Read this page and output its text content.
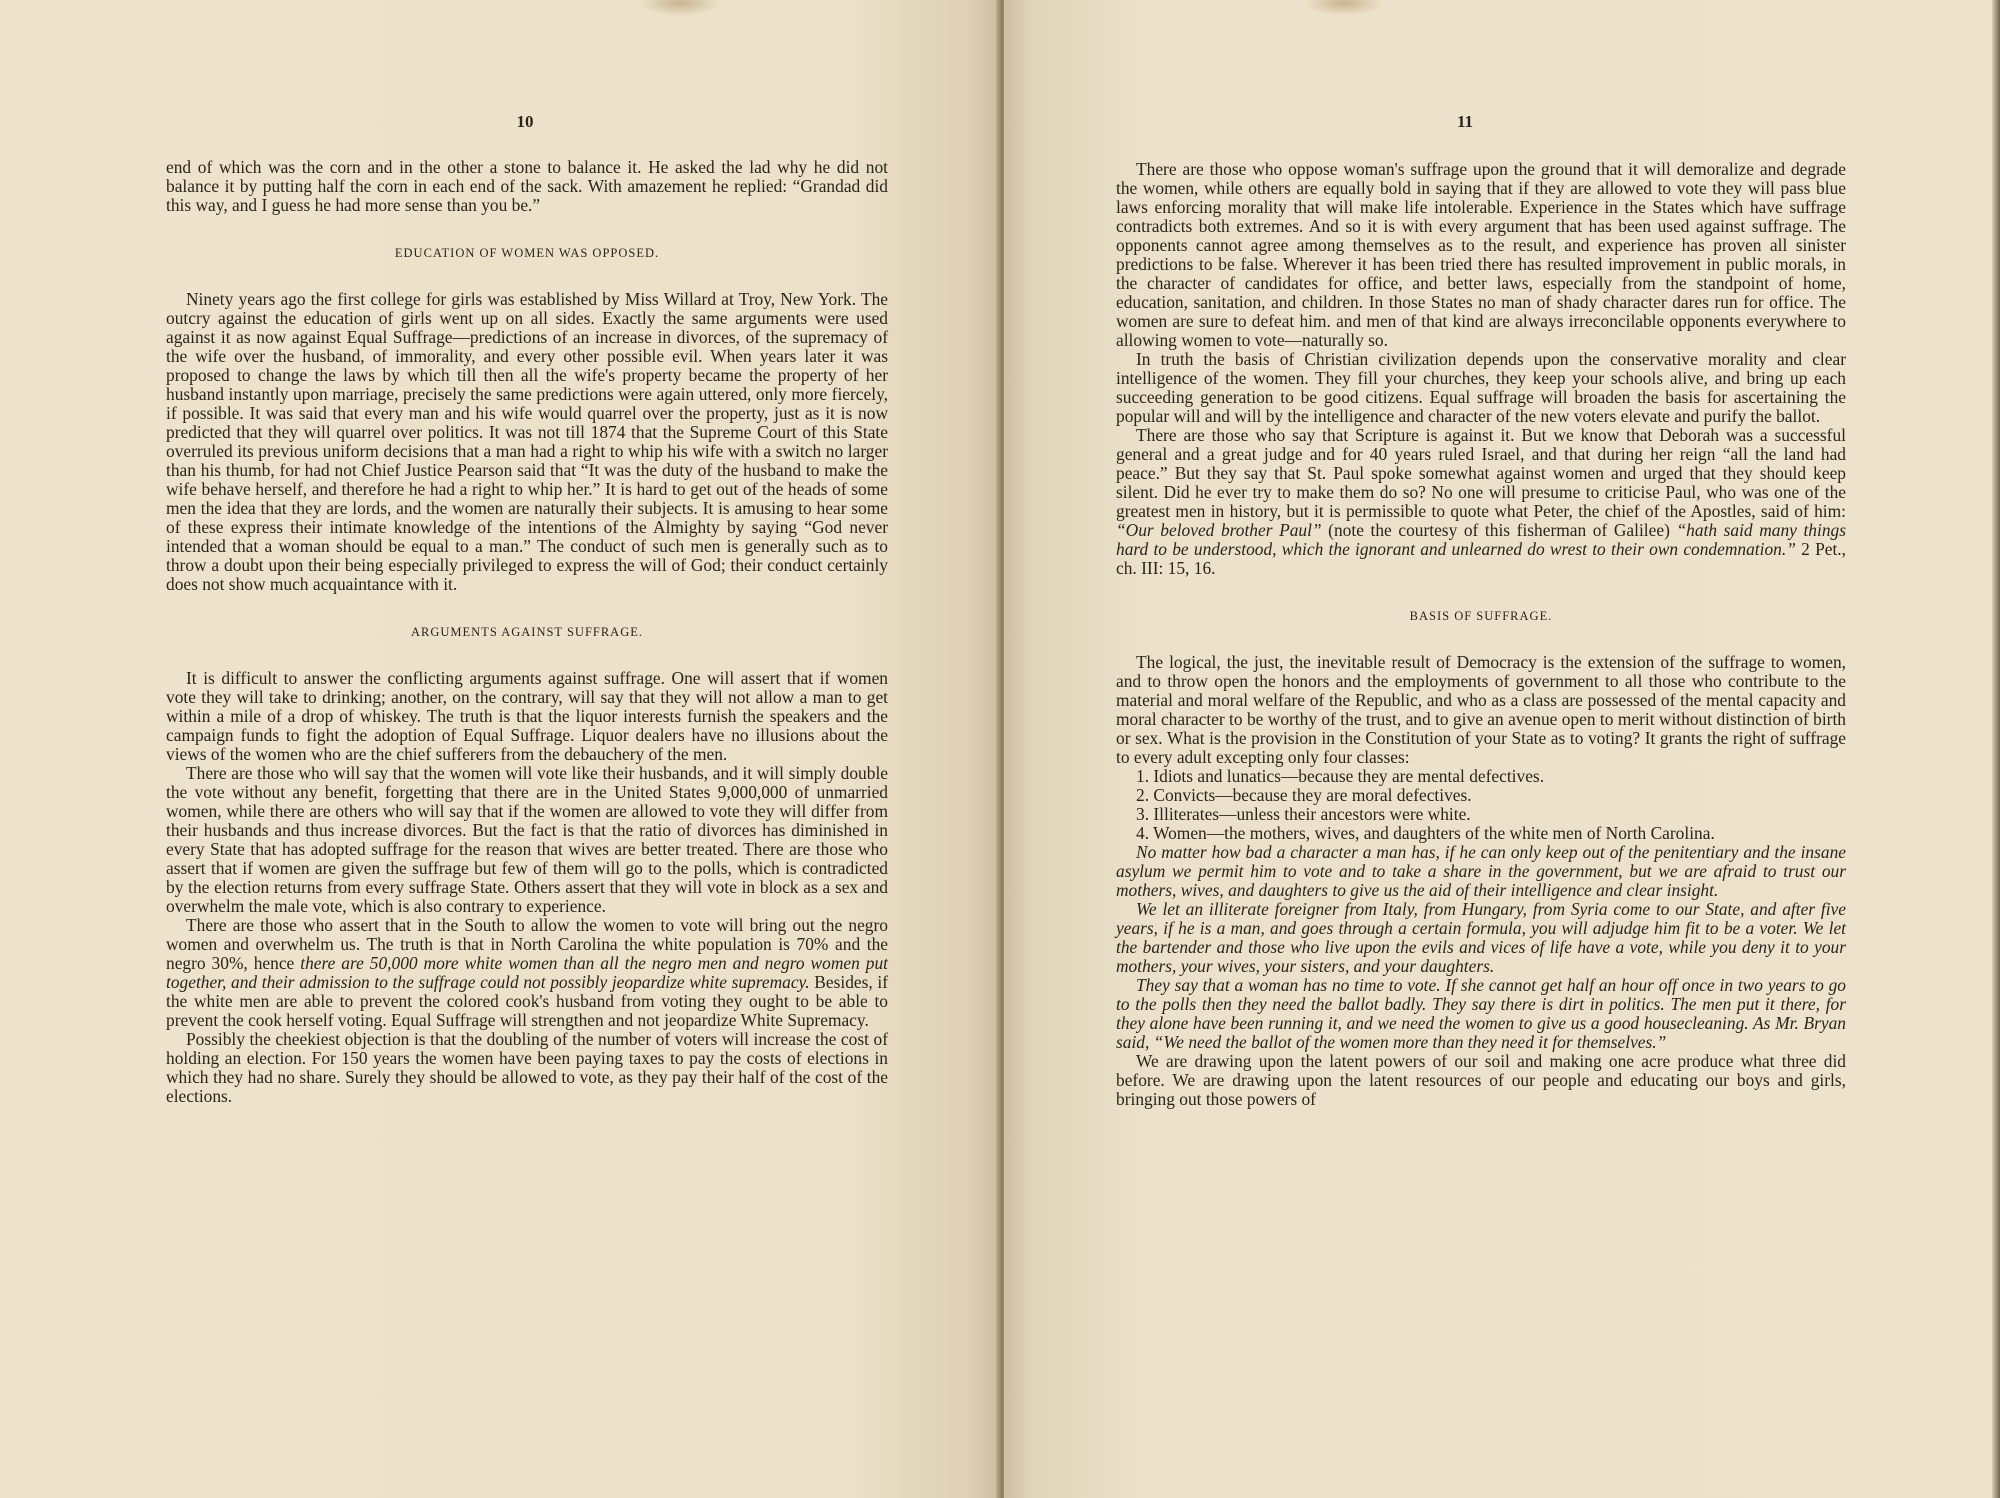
10

end of which was the corn and in the other a stone to balance it. He asked the lad why he did not balance it by putting half the corn in each end of the sack. With amazement he replied: “Grandad did this way, and I guess he had more sense than you be.”

EDUCATION OF WOMEN WAS OPPOSED.

Ninety years ago the first college for girls was established by Miss Willard at Troy, New York. The outcry against the education of girls went up on all sides. Exactly the same arguments were used against it as now against Equal Suffrage—predictions of an increase in divorces, of the supremacy of the wife over the husband, of immorality, and every other possible evil. When years later it was proposed to change the laws by which till then all the wife's property became the property of her husband instantly upon marriage, precisely the same predictions were again uttered, only more fiercely, if possible. It was said that every man and his wife would quarrel over the property, just as it is now predicted that they will quarrel over politics. It was not till 1874 that the Supreme Court of this State overruled its previous uniform decisions that a man had a right to whip his wife with a switch no larger than his thumb, for had not Chief Justice Pearson said that “It was the duty of the husband to make the wife behave herself, and therefore he had a right to whip her.” It is hard to get out of the heads of some men the idea that they are lords, and the women are naturally their subjects. It is amusing to hear some of these express their intimate knowledge of the intentions of the Almighty by saying “God never intended that a woman should be equal to a man.” The conduct of such men is generally such as to throw a doubt upon their being especially privileged to express the will of God; their conduct certainly does not show much acquaintance with it.

ARGUMENTS AGAINST SUFFRAGE.

It is difficult to answer the conflicting arguments against suffrage. One will assert that if women vote they will take to drinking; another, on the contrary, will say that they will not allow a man to get within a mile of a drop of whiskey. The truth is that the liquor interests furnish the speakers and the campaign funds to fight the adoption of Equal Suffrage. Liquor dealers have no illusions about the views of the women who are the chief sufferers from the debauchery of the men.

There are those who will say that the women will vote like their husbands, and it will simply double the vote without any benefit, forgetting that there are in the United States 9,000,000 of unmarried women, while there are others who will say that if the women are allowed to vote they will differ from their husbands and thus increase divorces. But the fact is that the ratio of divorces has diminished in every State that has adopted suffrage for the reason that wives are better treated. There are those who assert that if women are given the suffrage but few of them will go to the polls, which is contradicted by the election returns from every suffrage State. Others assert that they will vote in block as a sex and overwhelm the male vote, which is also contrary to experience.

There are those who assert that in the South to allow the women to vote will bring out the negro women and overwhelm us. The truth is that in North Carolina the white population is 70% and the negro 30%, hence there are 50,000 more white women than all the negro men and negro women put together, and their admission to the suffrage could not possibly jeopardize white supremacy. Besides, if the white men are able to prevent the colored cook's husband from voting they ought to be able to prevent the cook herself voting. Equal Suffrage will strengthen and not jeopardize White Supremacy.

Possibly the cheekiest objection is that the doubling of the number of voters will increase the cost of holding an election. For 150 years the women have been paying taxes to pay the costs of elections in which they had no share. Surely they should be allowed to vote, as they pay their half of the cost of the elections.

11

There are those who oppose woman's suffrage upon the ground that it will demoralize and degrade the women, while others are equally bold in saying that if they are allowed to vote they will pass blue laws enforcing morality that will make life intolerable. Experience in the States which have suffrage contradicts both extremes. And so it is with every argument that has been used against suffrage. The opponents cannot agree among themselves as to the result, and experience has proven all sinister predictions to be false. Wherever it has been tried there has resulted improvement in public morals, in the character of candidates for office, and better laws, especially from the standpoint of home, education, sanitation, and children. In those States no man of shady character dares run for office. The women are sure to defeat him. and men of that kind are always irreconcilable opponents everywhere to allowing women to vote—naturally so.

In truth the basis of Christian civilization depends upon the conservative morality and clear intelligence of the women. They fill your churches, they keep your schools alive, and bring up each succeeding generation to be good citizens. Equal suffrage will broaden the basis for ascertaining the popular will and will by the intelligence and character of the new voters elevate and purify the ballot.

There are those who say that Scripture is against it. But we know that Deborah was a successful general and a great judge and for 40 years ruled Israel, and that during her reign “all the land had peace.” But they say that St. Paul spoke somewhat against women and urged that they should keep silent. Did he ever try to make them do so? No one will presume to criticise Paul, who was one of the greatest men in history, but it is permissible to quote what Peter, the chief of the Apostles, said of him: “Our beloved brother Paul” (note the courtesy of this fisherman of Galilee) “hath said many things hard to be understood, which the ignorant and unlearned do wrest to their own condemnation.” 2 Pet., ch. III: 15, 16.

BASIS OF SUFFRAGE.

The logical, the just, the inevitable result of Democracy is the extension of the suffrage to women, and to throw open the honors and the employments of government to all those who contribute to the material and moral welfare of the Republic, and who as a class are possessed of the mental capacity and moral character to be worthy of the trust, and to give an avenue open to merit without distinction of birth or sex. What is the provision in the Constitution of your State as to voting? It grants the right of suffrage to every adult excepting only four classes:

1. Idiots and lunatics—because they are mental defectives.

2. Convicts—because they are moral defectives.

3. Illiterates—unless their ancestors were white.

4. Women—the mothers, wives, and daughters of the white men of North Carolina.

No matter how bad a character a man has, if he can only keep out of the penitentiary and the insane asylum we permit him to vote and to take a share in the government, but we are afraid to trust our mothers, wives, and daughters to give us the aid of their intelligence and clear insight.

We let an illiterate foreigner from Italy, from Hungary, from Syria come to our State, and after five years, if he is a man, and goes through a certain formula, you will adjudge him fit to be a voter. We let the bartender and those who live upon the evils and vices of life have a vote, while you deny it to your mothers, your wives, your sisters, and your daughters.

They say that a woman has no time to vote. If she cannot get half an hour off once in two years to go to the polls then they need the ballot badly. They say there is dirt in politics. The men put it there, for they alone have been running it, and we need the women to give us a good housecleaning. As Mr. Bryan said, “We need the ballot of the women more than they need it for themselves.”

We are drawing upon the latent powers of our soil and making one acre produce what three did before. We are drawing upon the latent resources of our people and educating our boys and girls, bringing out those powers of
